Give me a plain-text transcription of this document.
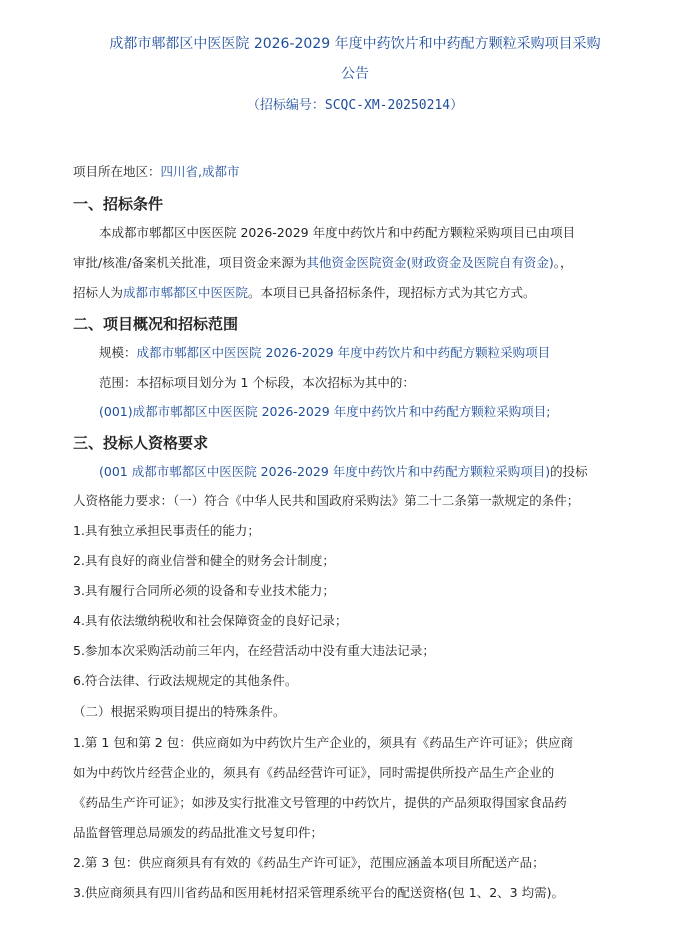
成都市郫都区中医医院 2026-2029 年度中药饮片和中药配方颗粒采购项目采购
公告
（招标编号：SCQC-XM-20250214）
项目所在地区：四川省,成都市
一、招标条件
本成都市郫都区中医医院 2026-2029 年度中药饮片和中药配方颗粒采购项目已由项目
审批/核准/备案机关批准，项目资金来源为其他资金医院资金(财政资金及医院自有资金)。，
招标人为成都市郫都区中医医院。本项目已具备招标条件，现招标方式为其它方式。
二、项目概况和招标范围
规模：成都市郫都区中医医院 2026-2029 年度中药饮片和中药配方颗粒采购项目
范围：本招标项目划分为 1 个标段，本次招标为其中的：
(001)成都市郫都区中医医院 2026-2029 年度中药饮片和中药配方颗粒采购项目;
三、投标人资格要求
(001 成都市郫都区中医医院 2026-2029 年度中药饮片和中药配方颗粒采购项目)的投标
人资格能力要求：（一）符合《中华人民共和国政府采购法》第二十二条第一款规定的条件；
1.具有独立承担民事责任的能力；
2.具有良好的商业信誉和健全的财务会计制度；
3.具有履行合同所必须的设备和专业技术能力；
4.具有依法缴纳税收和社会保障资金的良好记录；
5.参加本次采购活动前三年内，在经营活动中没有重大违法记录；
6.符合法律、行政法规规定的其他条件。
（二）根据采购项目提出的特殊条件。
1.第 1 包和第 2 包：供应商如为中药饮片生产企业的，须具有《药品生产许可证》；供应商
如为中药饮片经营企业的，须具有《药品经营许可证》，同时需提供所投产品生产企业的
《药品生产许可证》；如涉及实行批准文号管理的中药饮片，提供的产品须取得国家食品药
品监督管理总局颁发的药品批准文号复印件；
2.第 3 包：供应商须具有有效的《药品生产许可证》，范围应涵盖本项目所配送产品；
3.供应商须具有四川省药品和医用耗材招采管理系统平台的配送资格(包 1、2、3 均需)。
